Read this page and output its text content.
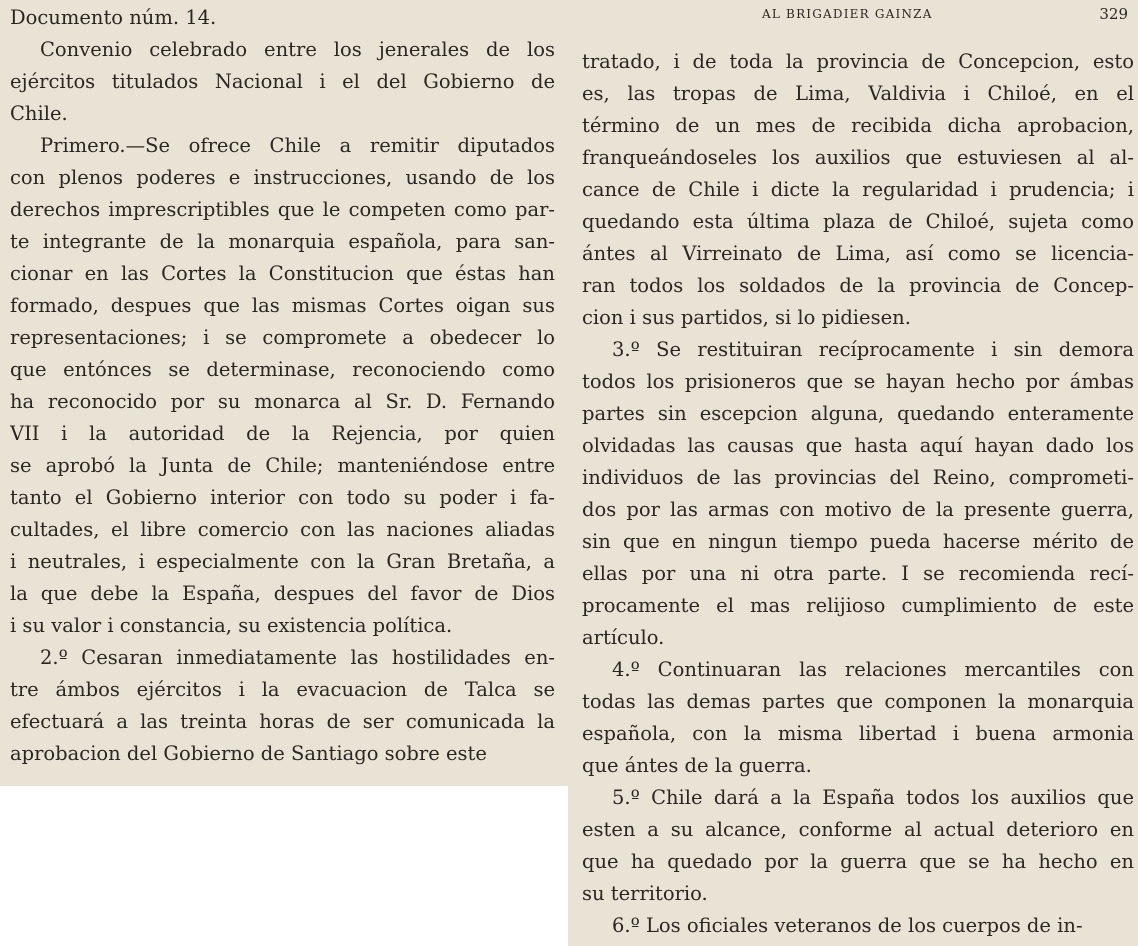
Documento núm. 14.
Convenio celebrado entre los jenerales de los
ejércitos titulados Nacional i el del Gobierno de
Chile.
Primero.—Se ofrece Chile a remitir diputados
con plenos poderes e instrucciones, usando de los
derechos imprescriptibles que le competen como par-
te integrante de la monarquia española, para san-
cionar en las Cortes la Constitucion que éstas han
formado, despues que las mismas Cortes oigan sus
representaciones; i se compromete a obedecer lo
que entónces se determinase, reconociendo como
ha reconocido por su monarca al Sr. D. Fernando
VII i la autoridad de la Rejencia, por quien
se aprobó la Junta de Chile; manteniéndose entre
tanto el Gobierno interior con todo su poder i fa-
cultades, el libre comercio con las naciones aliadas
i neutrales, i especialmente con la Gran Bretaña, a
la que debe la España, despues del favor de Dios
i su valor i constancia, su existencia política.
2.º Cesaran inmediatamente las hostilidades en-
tre ámbos ejércitos i la evacuacion de Talca se
efectuará a las treinta horas de ser comunicada la
aprobacion del Gobierno de Santiago sobre este
AL BRIGADIER GAINZA	329
tratado, i de toda la provincia de Concepcion, esto
es, las tropas de Lima, Valdivia i Chiloé, en el
término de un mes de recibida dicha aprobacion,
franqueándoseles los auxilios que estuviesen al al-
cance de Chile i dicte la regularidad i prudencia; i
quedando esta última plaza de Chiloé, sujeta como
ántes al Virreinato de Lima, así como se licencia-
ran todos los soldados de la provincia de Concep-
cion i sus partidos, si lo pidiesen.
3.º Se restituiran recíprocamente i sin demora
todos los prisioneros que se hayan hecho por ámbas
partes sin escepcion alguna, quedando enteramente
olvidadas las causas que hasta aquí hayan dado los
individuos de las provincias del Reino, comprometi-
dos por las armas con motivo de la presente guerra,
sin que en ningun tiempo pueda hacerse mérito de
ellas por una ni otra parte. I se recomienda recí-
procamente el mas relijioso cumplimiento de este
artículo.
4.º Continuaran las relaciones mercantiles con
todas las demas partes que componen la monarquia
española, con la misma libertad i buena armonia
que ántes de la guerra.
5.º Chile dará a la España todos los auxilios que
esten a su alcance, conforme al actual deterioro en
que ha quedado por la guerra que se ha hecho en
su territorio.
6.º Los oficiales veteranos de los cuerpos de in-
